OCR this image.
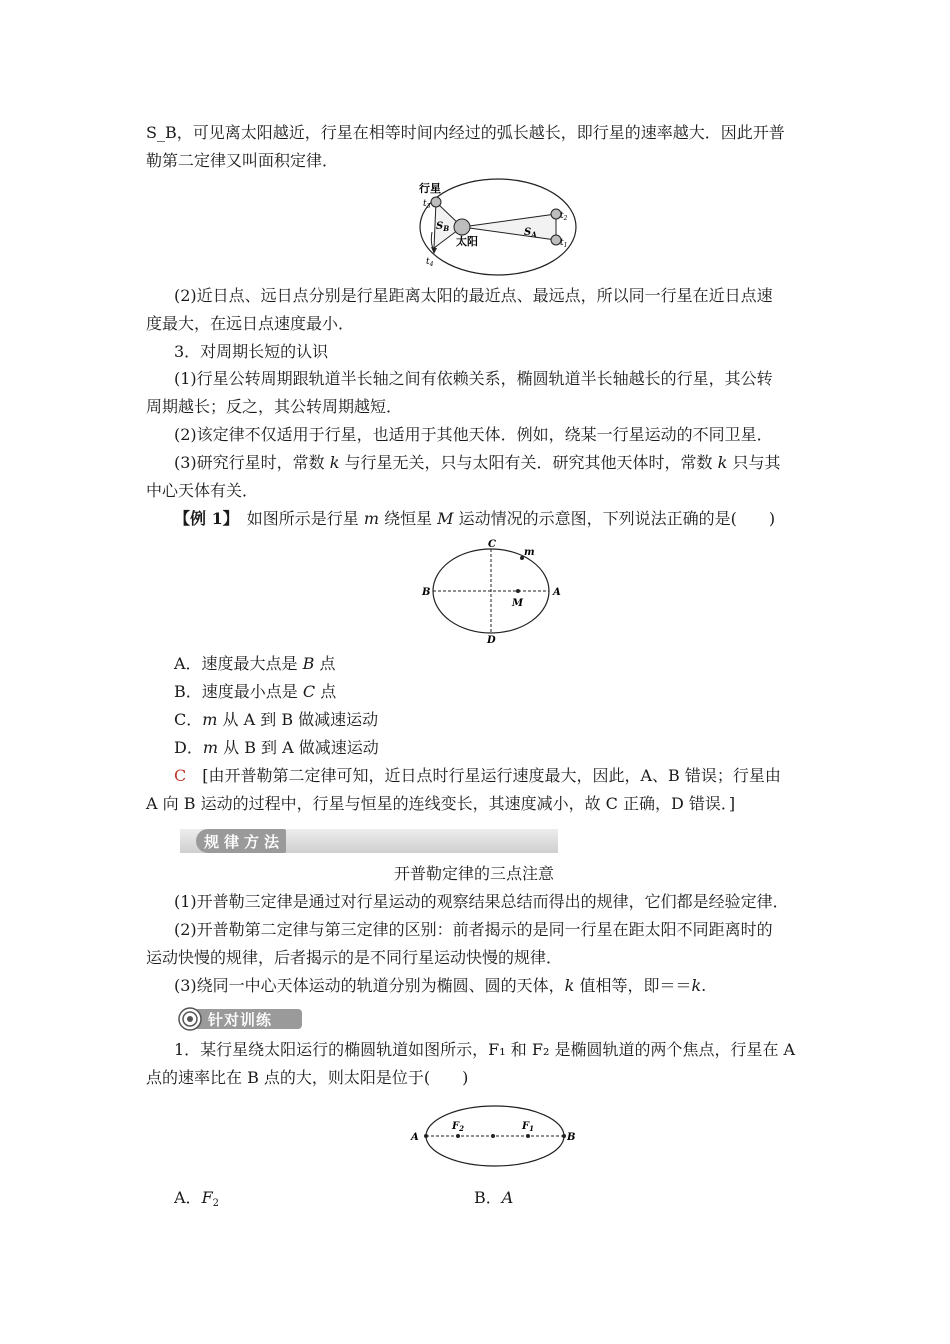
S_B，可见离太阳越近，行星在相等时间内经过的弧长越长，即行星的速率越大．因此开普
勒第二定律又叫面积定律．
行星
$t_3$
$S_B$
太阳
$S_A$
$t_2$
$t_1$
$t_4$
(2)近日点、远日点分别是行星距离太阳的最近点、最远点，所以同一行星在近日点速
度最大，在远日点速度最小．
3．对周期长短的认识
(1)行星公转周期跟轨道半长轴之间有依赖关系，椭圆轨道半长轴越长的行星，其公转
周期越长；反之，其公转周期越短．
(2)该定律不仅适用于行星，也适用于其他天体．例如，绕某一行星运动的不同卫星．
(3)研究行星时，常数 k 与行星无关，只与太阳有关．研究其他天体时，常数 k 只与其
中心天体有关．
【例 1】　如图所示是行星 m 绕恒星 M 运动情况的示意图，下列说法正确的是(　　)
C
m
B
M
A
D
A．速度最大点是 B 点
B．速度最小点是 C 点
C．m 从 A 到 B 做减速运动
D．m 从 B 到 A 做减速运动
C　[由开普勒第二定律可知，近日点时行星运行速度最大，因此，A、B 错误；行星由
A 向 B 运动的过程中，行星与恒星的连线变长，其速度减小，故 C 正确，D 错误．]
规律方法
开普勒定律的三点注意
(1)开普勒三定律是通过对行星运动的观察结果总结而得出的规律，它们都是经验定律．
(2)开普勒第二定律与第三定律的区别：前者揭示的是同一行星在距太阳不同距离时的
运动快慢的规律，后者揭示的是不同行星运动快慢的规律．
(3)绕同一中心天体运动的轨道分别为椭圆、圆的天体，k 值相等，即＝＝k.
针对训练
1．某行星绕太阳运行的椭圆轨道如图所示，F₁ 和 F₂ 是椭圆轨道的两个焦点，行星在 A
点的速率比在 B 点的大，则太阳是位于(　　)
A	B
$F_2$	$F_1$
A．$F_2$	B．A
